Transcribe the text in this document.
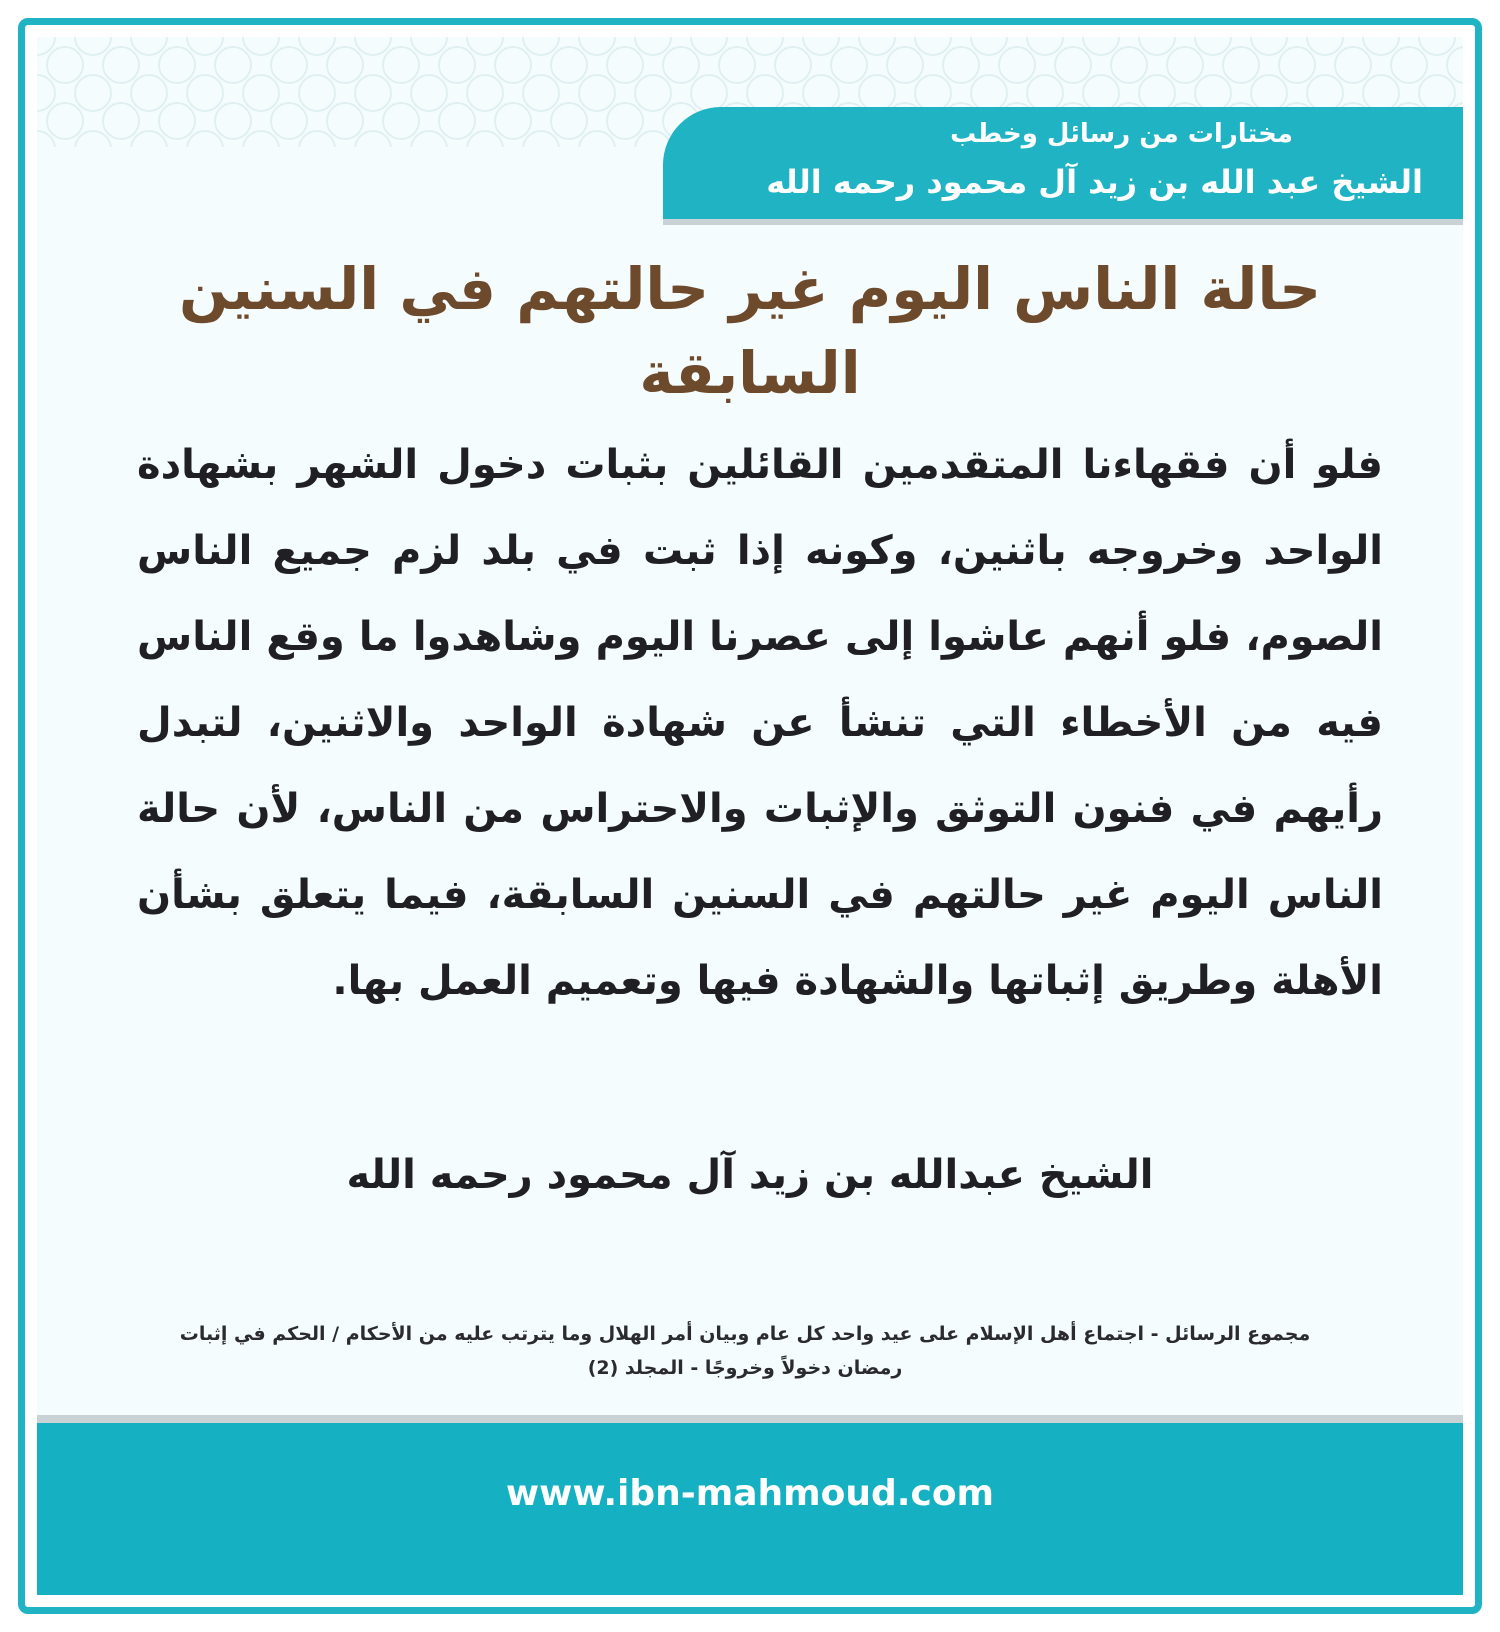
مختارات من رسائل وخطب
الشيخ عبد الله بن زيد آل محمود رحمه الله
حالة الناس اليوم غير حالتهم في السنين السابقة
فلو أن فقهاءنا المتقدمين القائلين بثبات دخول الشهر بشهادة الواحد وخروجه باثنين، وكونه إذا ثبت في بلد لزم جميع الناس الصوم، فلو أنهم عاشوا إلى عصرنا اليوم وشاهدوا ما وقع الناس فيه من الأخطاء التي تنشأ عن شهادة الواحد والاثنين، لتبدل رأيهم في فنون التوثق والإثبات والاحتراس من الناس، لأن حالة الناس اليوم غير حالتهم في السنين السابقة، فيما يتعلق بشأن الأهلة وطريق إثباتها والشهادة فيها وتعميم العمل بها.
الشيخ عبدالله بن زيد آل محمود رحمه الله
مجموع الرسائل - اجتماع أهل الإسلام على عيد واحد كل عام وبيان أمر الهلال وما يترتب عليه من الأحكام / الحكم في إثبات رمضان دخولاً وخروجًا - المجلد (2)
www.ibn-mahmoud.com
